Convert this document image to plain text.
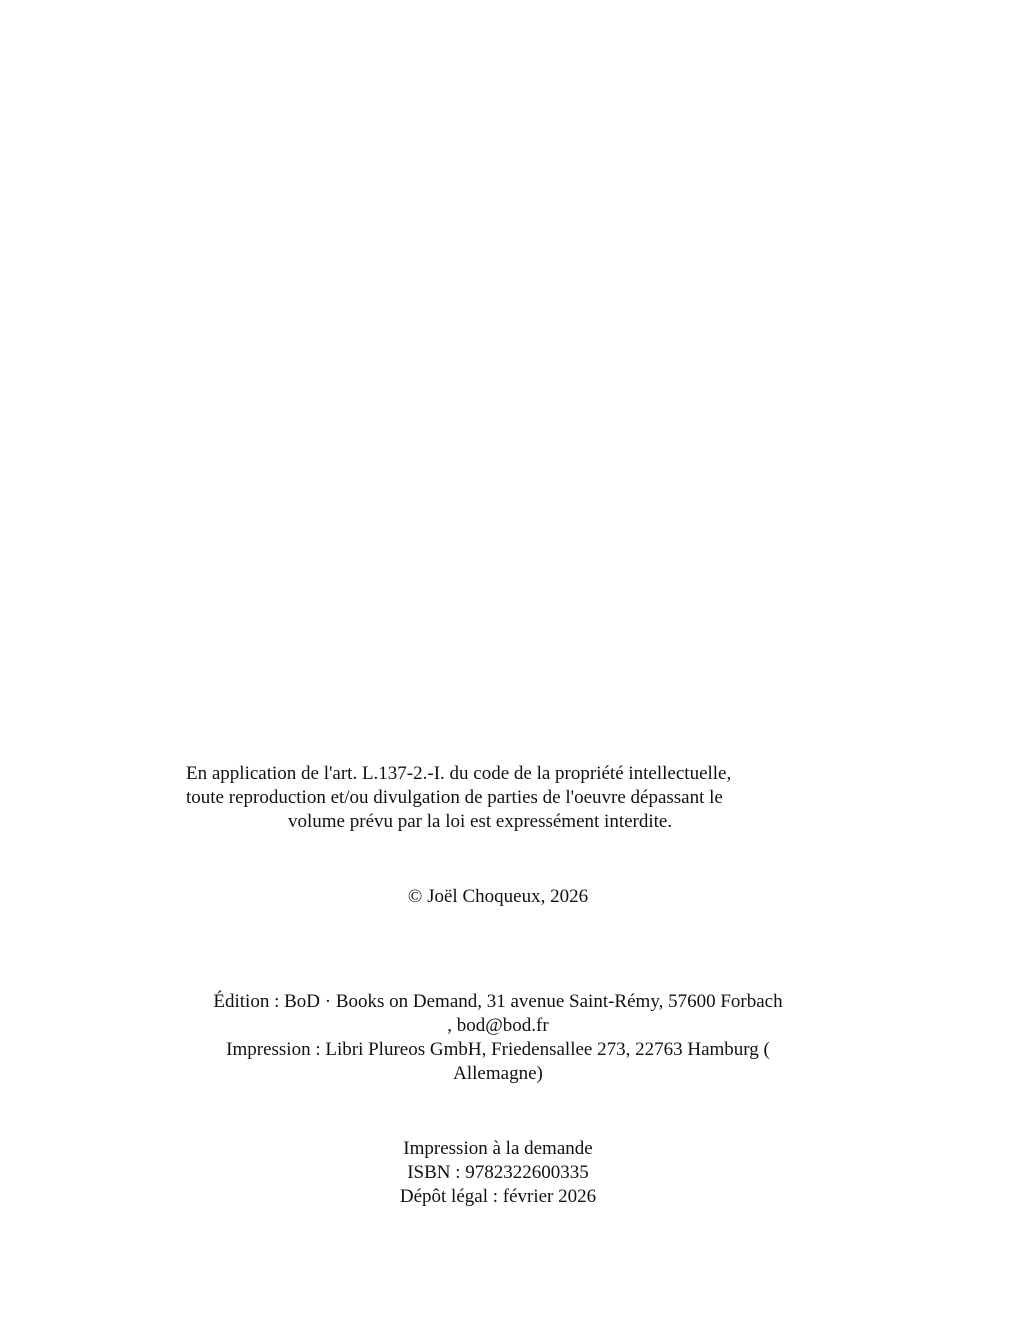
En application de l'art. L.137-2.-I. du code de la propriété intellectuelle,
toute reproduction et/ou divulgation de parties de l'oeuvre dépassant le
volume prévu par la loi est expressément interdite.
© Joël Choqueux, 2026
Édition : BoD · Books on Demand, 31 avenue Saint-Rémy, 57600 Forbach
, bod@bod.fr
Impression : Libri Plureos GmbH, Friedensallee 273, 22763 Hamburg (
Allemagne)
Impression à la demande
ISBN : 9782322600335
Dépôt légal : février 2026
